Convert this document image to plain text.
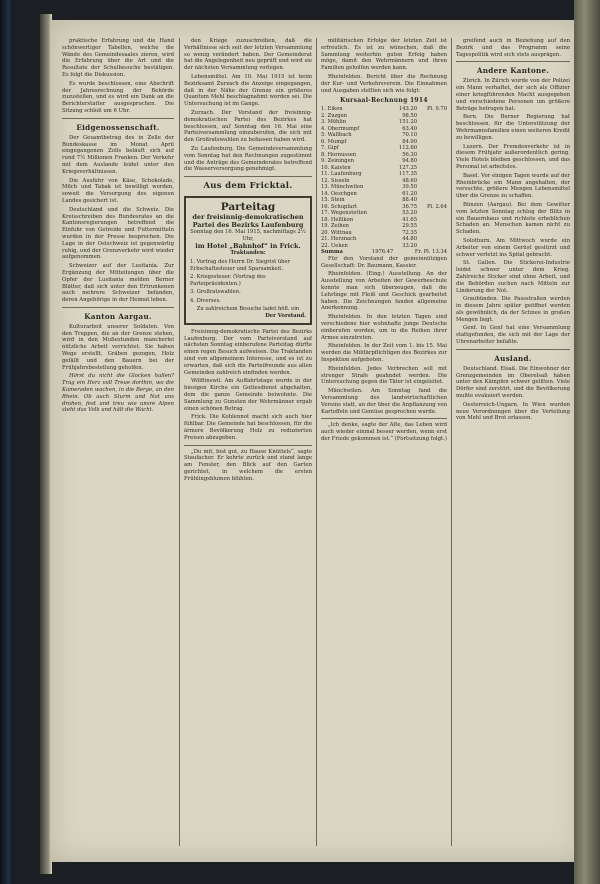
praktische Erfahrung und die Hand schönwertiger Tabellen, welche die Wände des Gemeindesaales zieren, wird die Erfahrung über die Art und die Resultate der Schulbesuche bestätigen. Es folgt die Diskussion.

Es wurde beschlossen, eine Abschrift der Jahresrechnung der Behörde zuzustellen, und es wird ein Dank an die Berichterstatter ausgesprochen. Die Sitzung schloß um 6 Uhr.

Eidgenossenschaft.

Der Gesamtbetrag des in Zelle der Bundeskasse im Monat April eingegangenen Zolls beläuft sich auf rund 7½ Millionen Franken. Der Verkehr mit dem Auslande leidet unter den Kriegsverhältnissen.

Die Ausfuhr von Käse, Schokolade, Milch und Tabak ist bewilligt worden, soweit die Versorgung des eigenen Landes gesichert ist.

Deutschland und die Schweiz. Die Kreisschreiben des Bundesrates an die Kantonsregierungen betreffend die Einfuhr von Getreide und Futtermitteln wurden in der Presse besprochen. Die Lage in der Ostschweiz ist gegenwärtig ruhig, und der Grenzverkehr wird wieder aufgenommen.

Schweizer auf der Lusitania. Zur Ergänzung der Mitteilungen über die Opfer der Lusitania melden Berner Blätter, daß sich unter den Ertrunkenen auch mehrere Schweizer befanden, deren Angehörige in der Heimat leben.

Kanton Aargau.

Kulturarbeit unserer Soldaten. Von den Truppen, die an der Grenze stehen, wird in den Mußestunden mancherlei nützliche Arbeit verrichtet. Sie haben Wege erstellt, Gräben gezogen, Holz gefällt und den Bauern bei der Frühjahrsbestellung geholfen.

Hörst du nicht die Glocken hallen? Trag ein Herz voll Treue dorthin, wo die Kameraden wachen, in die Berge, an den Rhein. Ob auch Sturm und Not uns drohen, fest und treu wie unsre Alpen steht das Volk und hält die Wacht.

den Kriege zuzuschreiben, daß die Verhältnisse sich seit der letzten Versammlung so wenig verändert haben. Der Gemeinderat hat die Angelegenheit neu geprüft und wird sie der nächsten Versammlung vorlegen.

Lebensmittel. Am 10. Mai 1915 ist beim Bezirksamt Zurzach die Anzeige eingegangen, daß in der Nähe der Grenze ein größeres Quantum Mehl beschlagnahmt worden sei. Die Untersuchung ist im Gange.

Zurzach. Der Vorstand der freisinnig-demokratischen Partei des Bezirkes hat beschlossen, auf Sonntag den 16. Mai eine Parteiversammlung einzuberufen, die sich mit den Großratswahlen zu befassen haben wird.

Zu Laufenburg. Die Gemeindeversammlung vom Sonntag hat den Rechnungen zugestimmt und die Anträge des Gemeinderates betreffend die Wasserversorgung genehmigt.

Aus dem Fricktal.
Parteitag
der freisinnig-demokratischen Partei des Bezirks Laufenburg
Sonntag den 16. Mai 1915, nachmittags 2½ Uhr,
im Hotel „Bahnhof“ in Frick.
Traktanden:
1. Vortrag des Herrn Dr. Siegrist über Erbschaftssteuer und Sparsamkeit.
2. Kriegssteuer. (Vortrag des Parteipräsidenten.)
3. Großratswahlen.
4. Diverses.
Zu zahlreichem Besuche ladet höfl. ein
Der Vorstand.

Freisinnig-demokratische Partei des Bezirks Laufenburg. Der vom Parteivorstand auf nächsten Sonntag einberufene Parteitag dürfte einen regen Besuch aufweisen. Die Traktanden sind von allgemeinem Interesse, und es ist zu erwarten, daß sich die Parteifreunde aus allen Gemeinden zahlreich einfinden werden.

Wölflinswil. Am Auffahrtstage wurde in der hiesigen Kirche ein Gottesdienst abgehalten, dem die ganze Gemeinde beiwohnte. Die Sammlung zu Gunsten der Wehrmänner ergab einen schönen Betrag.

Frick. Die Kohlennot macht sich auch hier fühlbar. Die Gemeinde hat beschlossen, für die ärmere Bevölkerung Holz zu reduzierten Preisen abzugeben.

„Du mit, bist gut, zu Hause Knüttels“, sagte Staufacher. Er kehrte zurück und stand lange am Fenster, den Blick auf den Garten gerichtet, in welchem die ersten Frühlingsblumen blühten.

militärischen Erfolge der letzten Zeit ist erfreulich. Es ist zu wünschen, daß die Sammlung weiterhin guten Erfolg haben möge, damit den Wehrmännern und ihren Familien geholfen werden kann.

Rheinfelden. Bericht über die Rechnung der Kur- und Verkehrsverein. Die Einnahmen und Ausgaben stellten sich wie folgt:

Kursaal-Rechnung 1914
1. Eiken	143.20	Pl. 9.70
2. Zuzgen	98.50	
3. Möhlin	151.20	
4. Obermumpf	63.40	
5. Wallbach	70.10	
6. Mumpf	84.90	
7. Gipf	112.60	
8. Hornussen	56.30	
9. Zeiningen	94.80	
10. Kaisten	127.25	
11. Laufenburg	117.35	
12. Sisseln	48.60	
13. Münchwilen	39.50	
14. Oeschgen	61.20	
15. Stein	88.40	
16. Schupfart	36.75	Pl. 2.64
17. Wegenstetten	53.20	
18. Hellikon	41.65	
19. Zeihen	29.55	
20. Wittnau	72.35	
21. Herznach	44.80	
22. Ueken	33.20	
Summa	1976.47	Fr. Pl. 13.34

Für den Vorstand der gemeinnützigen Gesellschaft: Dr. Baumann, Kassier.

Rheinfelden. (Eing.) Ausstellung. An der Ausstellung von Arbeiten der Gewerbeschule konnte man sich überzeugen, daß die Lehrlinge mit Fleiß und Geschick gearbeitet haben. Die Zeichnungen fanden allgemeine Anerkennung.

Rheinfelden. In den letzten Tagen sind verschiedene hier wohnhafte junge Deutsche einberufen worden, um in die Reihen ihrer Armee einzutreten.

Rheinfelden. In der Zeit vom 1. bis 15. Mai werden die Militärpflichtigen des Bezirkes zur Inspektion aufgeboten.

Rheinfelden. Jedes Verbrechen soll mit strenger Strafe geahndet werden. Die Untersuchung gegen die Täter ist eingeleitet.

Münchwilen. Am Sonntag fand die Versammlung des landwirtschaftlichen Vereins statt, an der über die Anpflanzung von Kartoffeln und Gemüse gesprochen wurde.

„Ich denke, sagte der Alte, das Leben wird auch wieder einmal besser werden, wenn erst der Friede gekommen ist.“ (Fortsetzung folgt.)

greifend auch in Beziehung auf den Bezirk und das Programm seine Tagespolitik wird sich stets ausprägen.

Andere Kantone.

Zürich. In Zürich wurde von der Polizei ein Mann verhaftet, der sich als Offizier einer kriegführenden Macht ausgegeben und verschiedene Personen um größere Beträge betrogen hat.

Bern. Die Berner Regierung hat beschlossen, für die Unterstützung der Wehrmannsfamilien einen weiteren Kredit zu bewilligen.

Luzern. Der Fremdenverkehr ist in diesem Frühjahr außerordentlich gering. Viele Hotels bleiben geschlossen, und das Personal ist arbeitslos.

Basel. Vor einigen Tagen wurde auf der Rheinbrücke ein Mann angehalten, der versuchte, größere Mengen Lebensmittel über die Grenze zu schaffen.

Bünzen (Aargau). Bei dem Gewitter vom letzten Sonntag schlug der Blitz in ein Bauernhaus und richtete erheblichen Schaden an. Menschen kamen nicht zu Schaden.

Solothurn. Am Mittwoch wurde ein Arbeiter von einem Gerüst gestürzt und schwer verletzt ins Spital gebracht.

St. Gallen. Die Stickerei-Industrie leidet schwer unter dem Krieg. Zahlreiche Sticker sind ohne Arbeit, und die Behörden suchen nach Mitteln zur Linderung der Not.

Graubünden. Die Passstraßen werden in diesem Jahre später geöffnet werden als gewöhnlich, da der Schnee in großen Mengen liegt.

Genf. In Genf hat eine Versammlung stattgefunden, die sich mit der Lage der Uhrenarbeiter befaßte.

Ausland.

Deutschland. Elsaß. Die Einwohner der Grenzgemeinden im Oberelsaß haben unter den Kämpfen schwer gelitten. Viele Dörfer sind zerstört, und die Bevölkerung mußte evakuiert werden.

Oesterreich-Ungarn. In Wien wurden neue Verordnungen über die Verteilung von Mehl und Brot erlassen.
